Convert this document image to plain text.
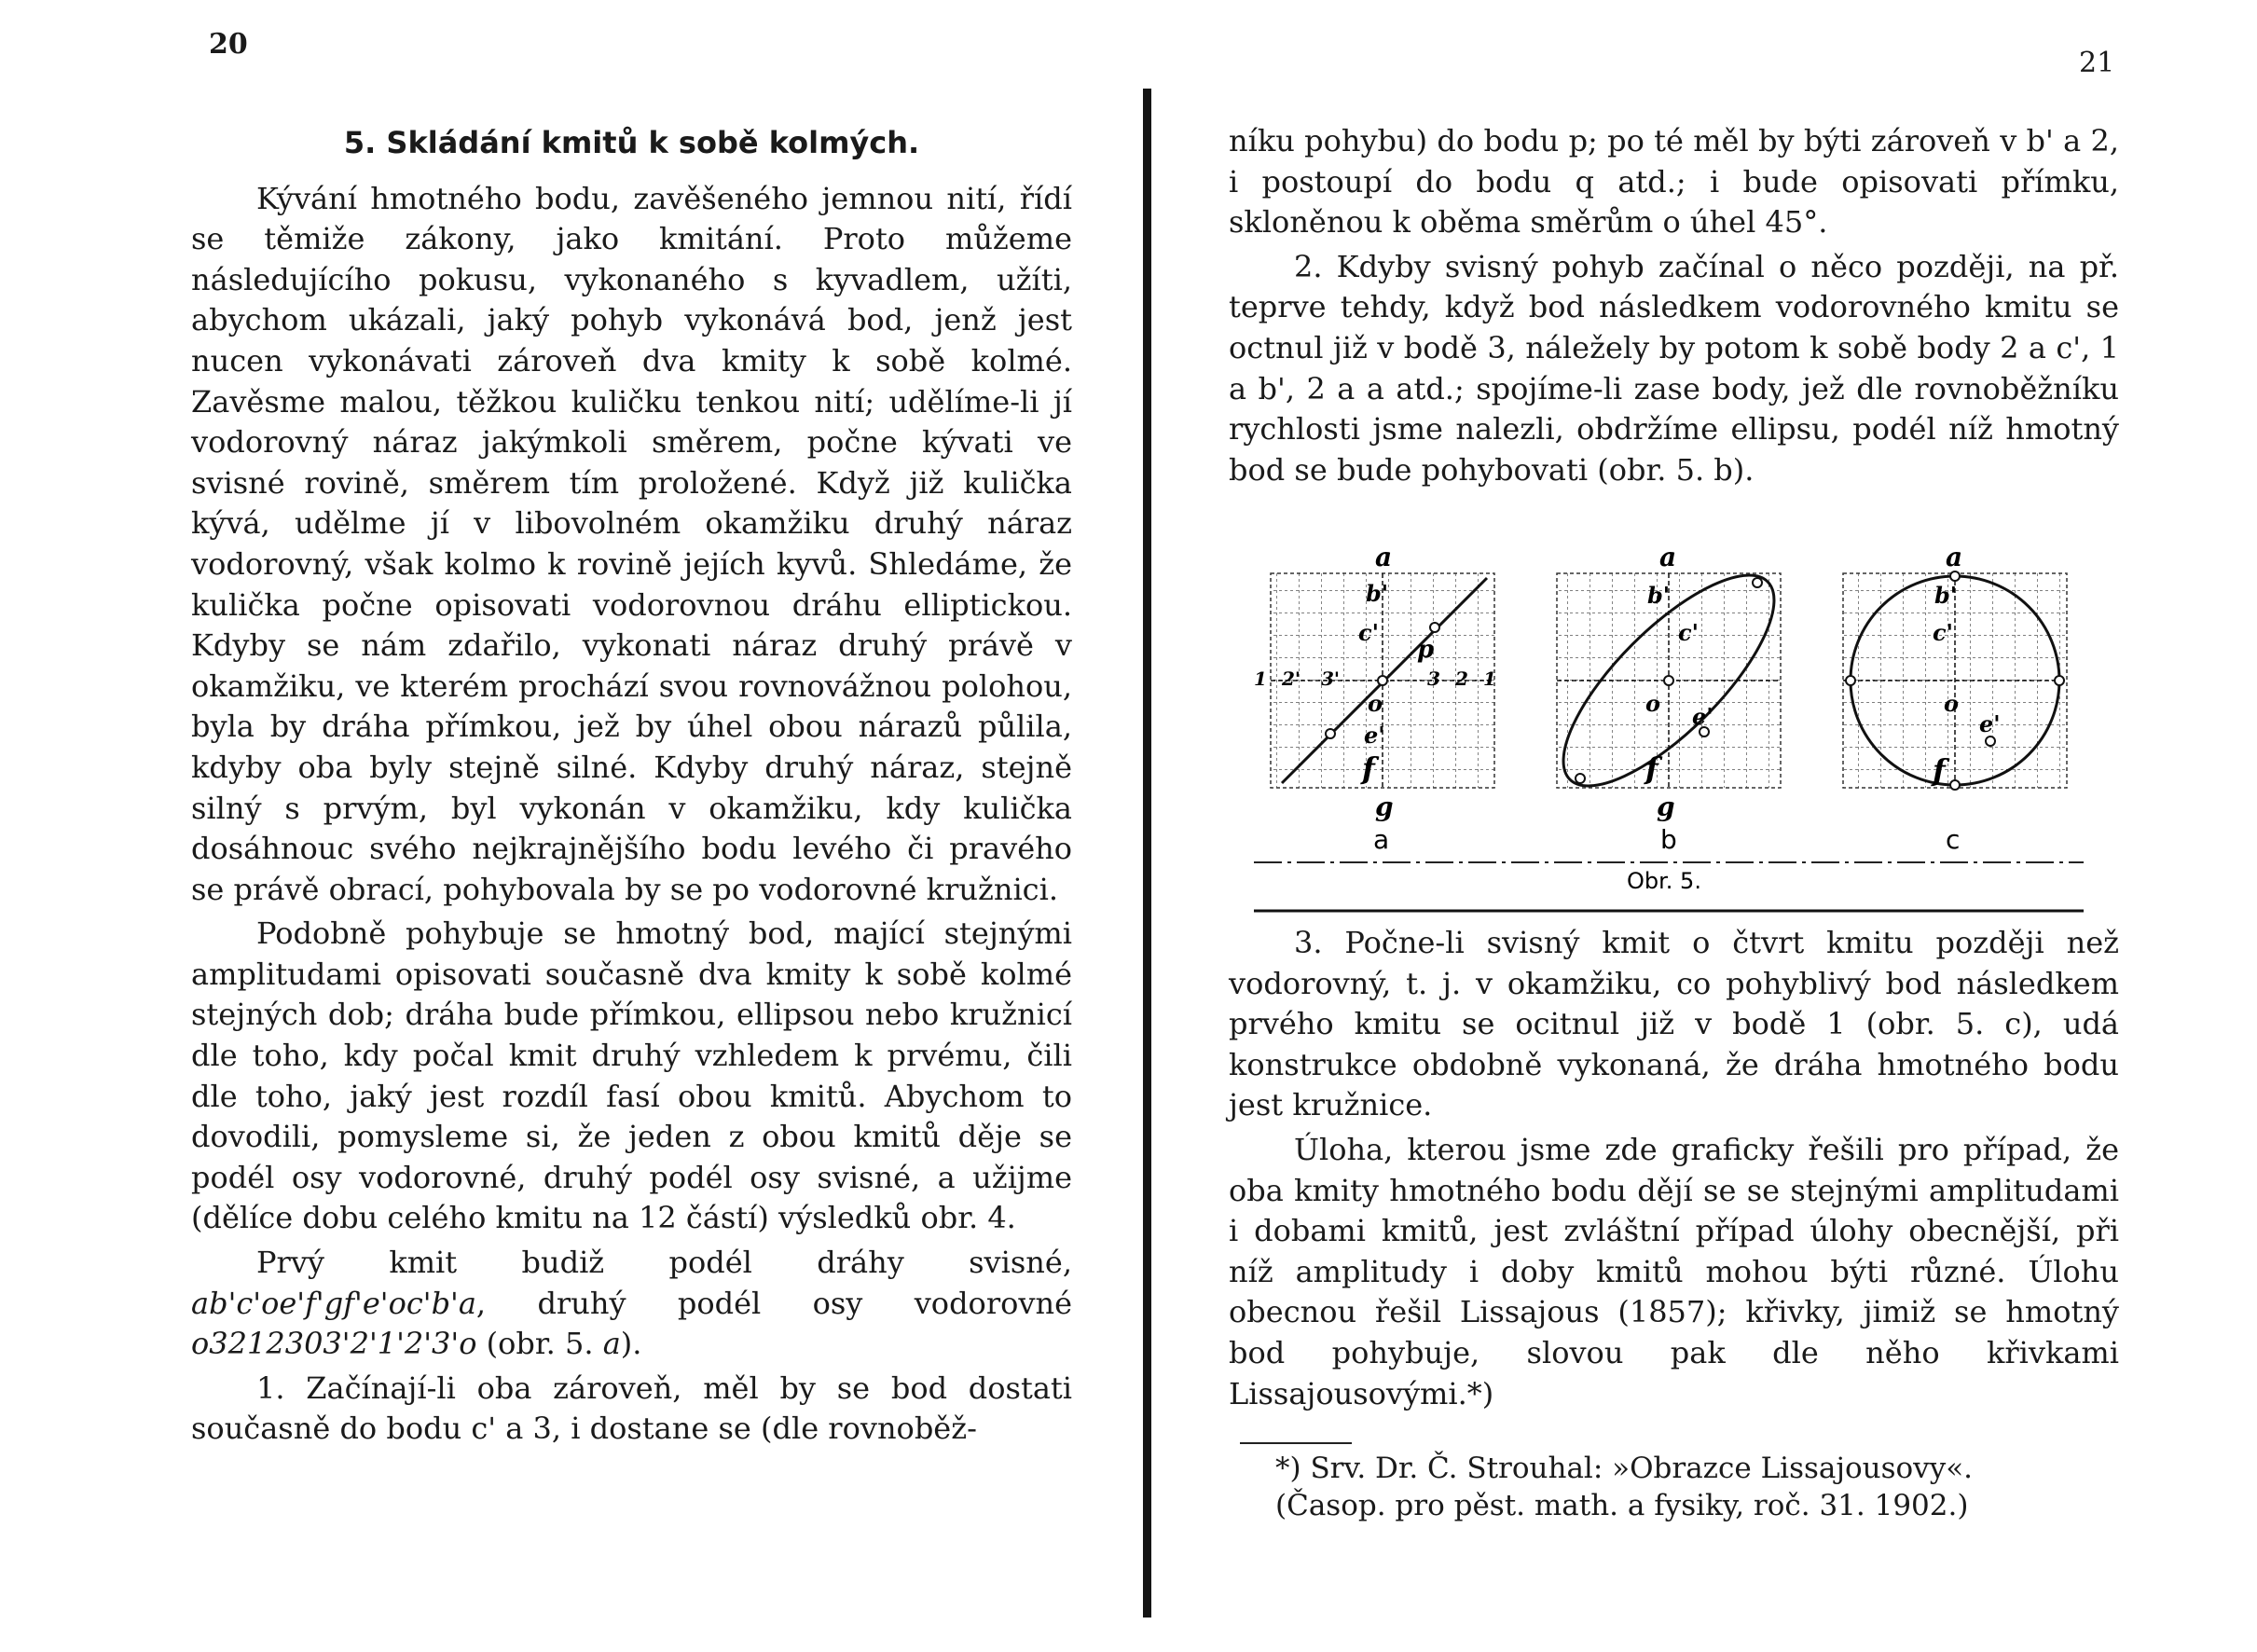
20
21
5. Skládání kmitů k sobě kolmých.

Kývání hmotného bodu, zavěšeného jemnou nití, řídí se těmiže zákony, jako kmitání. Proto můžeme následujícího pokusu, vykonaného s kyvadlem, užíti, abychom ukázali, jaký pohyb vykonává bod, jenž jest nucen vykonávati zároveň dva kmity k sobě kolmé. Zavěsme malou, těžkou kuličku tenkou nití; udělíme-li jí vodorovný náraz jakýmkoli směrem, počne kývati ve svisné rovině, směrem tím proložené. Když již kulička kývá, udělme jí v libovolném okamžiku druhý náraz vodorovný, však kolmo k rovině jejích kyvů. Shledáme, že kulička počne opisovati vodorovnou dráhu elliptickou. Kdyby se nám zdařilo, vykonati náraz druhý právě v okamžiku, ve kterém prochází svou rovnovážnou polohou, byla by dráha přímkou, jež by úhel obou nárazů půlila, kdyby oba byly stejně silné. Kdyby druhý náraz, stejně silný s prvým, byl vykonán v okamžiku, kdy kulička dosáhnouc svého nejkrajnějšího bodu levého či pravého se právě obrací, pohybovala by se po vodorovné kružnici.

Podobně pohybuje se hmotný bod, mající stejnými amplitudami opisovati současně dva kmity k sobě kolmé stejných dob; dráha bude přímkou, ellipsou nebo kružnicí dle toho, kdy počal kmit druhý vzhledem k prvému, čili dle toho, jaký jest rozdíl fasí obou kmitů. Abychom to dovodili, pomysleme si, že jeden z obou kmitů děje se podél osy vodorovné, druhý podél osy svisné, a užijme (dělíce dobu celého kmitu na 12 částí) výsledků obr. 4.

Prvý kmit budiž podél dráhy svisné, ab'c'oe'f'gf'e'oc'b'a, druhý podél osy vodorovné o3212303'2'1'2'3'o (obr. 5. a).

1. Začínají-li oba zároveň, měl by se bod dostati současně do bodu c' a 3, i dostane se (dle rovnoběž-

níku pohybu) do bodu p; po té měl by býti zároveň v b' a 2, i postoupí do bodu q atd.; i bude opisovati přímku, skloněnou k oběma směrům o úhel 45°.

2. Kdyby svisný pohyb začínal o něco později, na př. teprve tehdy, když bod následkem vodorovného kmitu se octnul již v bodě 3, náležely by potom k sobě body 2 a c', 1 a b', 2 a a atd.; spojíme-li zase body, jež dle rovnoběžníku rychlosti jsme nalezli, obdržíme ellipsu, podél níž hmotný bod se bude pohybovati (obr. 5. b).

a
b'
c'
p
o
e'
f
g
1 2' 3'	3 2 1
a
a
b'
c'
o e'
f
g
b
a
b'
c'
o
e'
f
c
Obr. 5.

3. Počne-li svisný kmit o čtvrt kmitu později než vodorovný, t. j. v okamžiku, co pohyblivý bod následkem prvého kmitu se ocitnul již v bodě 1 (obr. 5. c), udá konstrukce obdobně vykonaná, že dráha hmotného bodu jest kružnice.

Úloha, kterou jsme zde graficky řešili pro případ, že oba kmity hmotného bodu dějí se se stejnými amplitudami i dobami kmitů, jest zvláštní případ úlohy obecnější, při níž amplitudy i doby kmitů mohou býti různé. Úlohu obecnou řešil Lissajous (1857); křivky, jimiž se hmotný bod pohybuje, slovou pak dle něho křivkami Lissajousovými.*)

*) Srv. Dr. Č. Strouhal: »Obrazce Lissajousovy«.

(Časop. pro pěst. math. a fysiky, roč. 31. 1902.)
